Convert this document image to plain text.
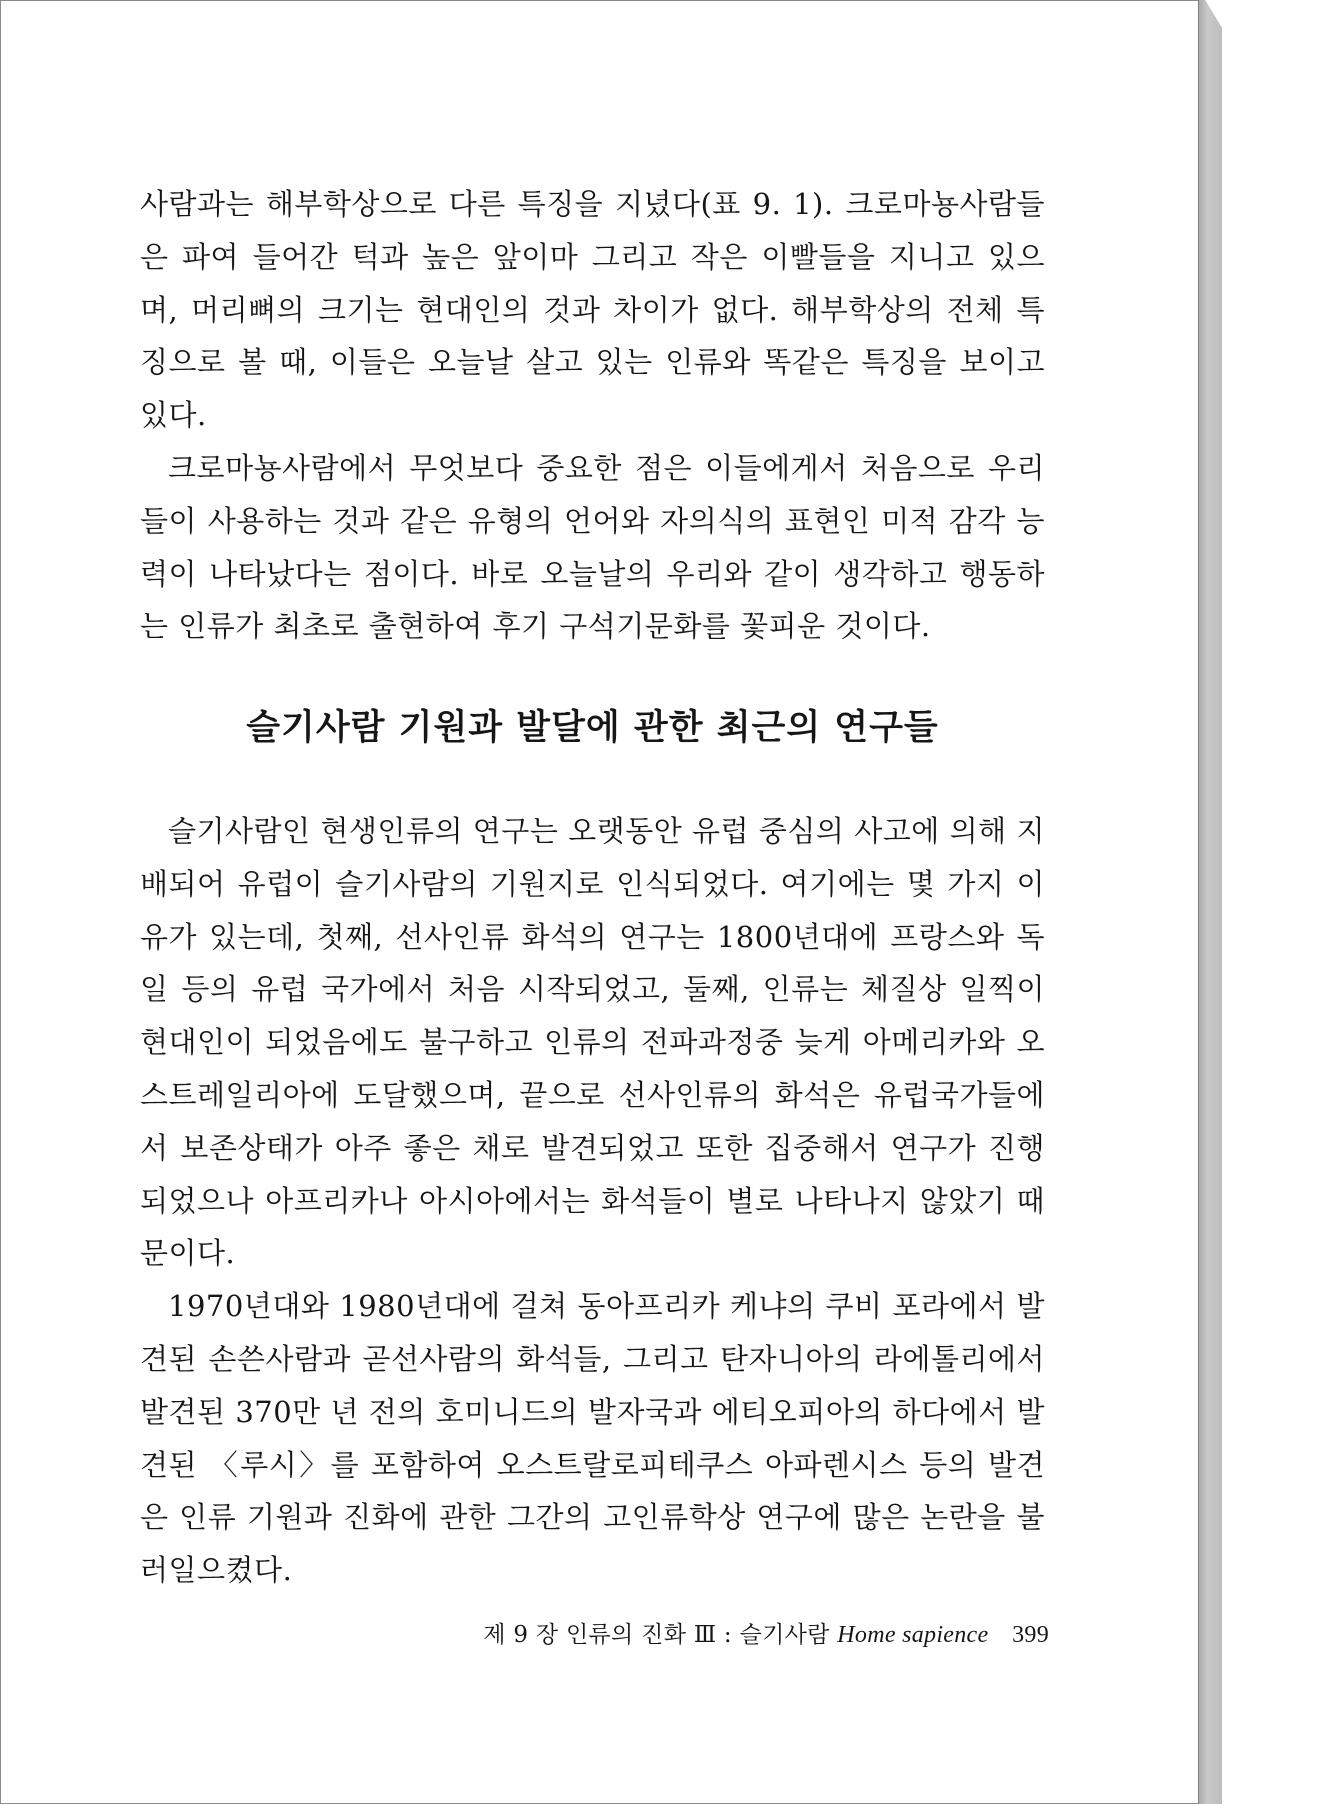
사람과는 해부학상으로 다른 특징을 지녔다(표 9. 1). 크로마뇽사람들은 파여 들어간 턱과 높은 앞이마 그리고 작은 이빨들을 지니고 있으며, 머리뼈의 크기는 현대인의 것과 차이가 없다. 해부학상의 전체 특징으로 볼 때, 이들은 오늘날 살고 있는 인류와 똑같은 특징을 보이고 있다.

크로마뇽사람에서 무엇보다 중요한 점은 이들에게서 처음으로 우리들이 사용하는 것과 같은 유형의 언어와 자의식의 표현인 미적 감각 능력이 나타났다는 점이다. 바로 오늘날의 우리와 같이 생각하고 행동하는 인류가 최초로 출현하여 후기 구석기문화를 꽃피운 것이다.

슬기사람 기원과 발달에 관한 최근의 연구들

슬기사람인 현생인류의 연구는 오랫동안 유럽 중심의 사고에 의해 지배되어 유럽이 슬기사람의 기원지로 인식되었다. 여기에는 몇 가지 이유가 있는데, 첫째, 선사인류 화석의 연구는 1800년대에 프랑스와 독일 등의 유럽 국가에서 처음 시작되었고, 둘째, 인류는 체질상 일찍이 현대인이 되었음에도 불구하고 인류의 전파과정중 늦게 아메리카와 오스트레일리아에 도달했으며, 끝으로 선사인류의 화석은 유럽국가들에서 보존상태가 아주 좋은 채로 발견되었고 또한 집중해서 연구가 진행되었으나 아프리카나 아시아에서는 화석들이 별로 나타나지 않았기 때문이다.

1970년대와 1980년대에 걸쳐 동아프리카 케냐의 쿠비 포라에서 발견된 손쓴사람과 곧선사람의 화석들, 그리고 탄자니아의 라에톨리에서 발견된 370만 년 전의 호미니드의 발자국과 에티오피아의 하다에서 발견된 〈루시〉를 포함하여 오스트랄로피테쿠스 아파렌시스 등의 발견은 인류 기원과 진화에 관한 그간의 고인류학상 연구에 많은 논란을 불러일으켰다.

제 9 장 인류의 진화 Ⅲ : 슬기사람 Home sapience 399
